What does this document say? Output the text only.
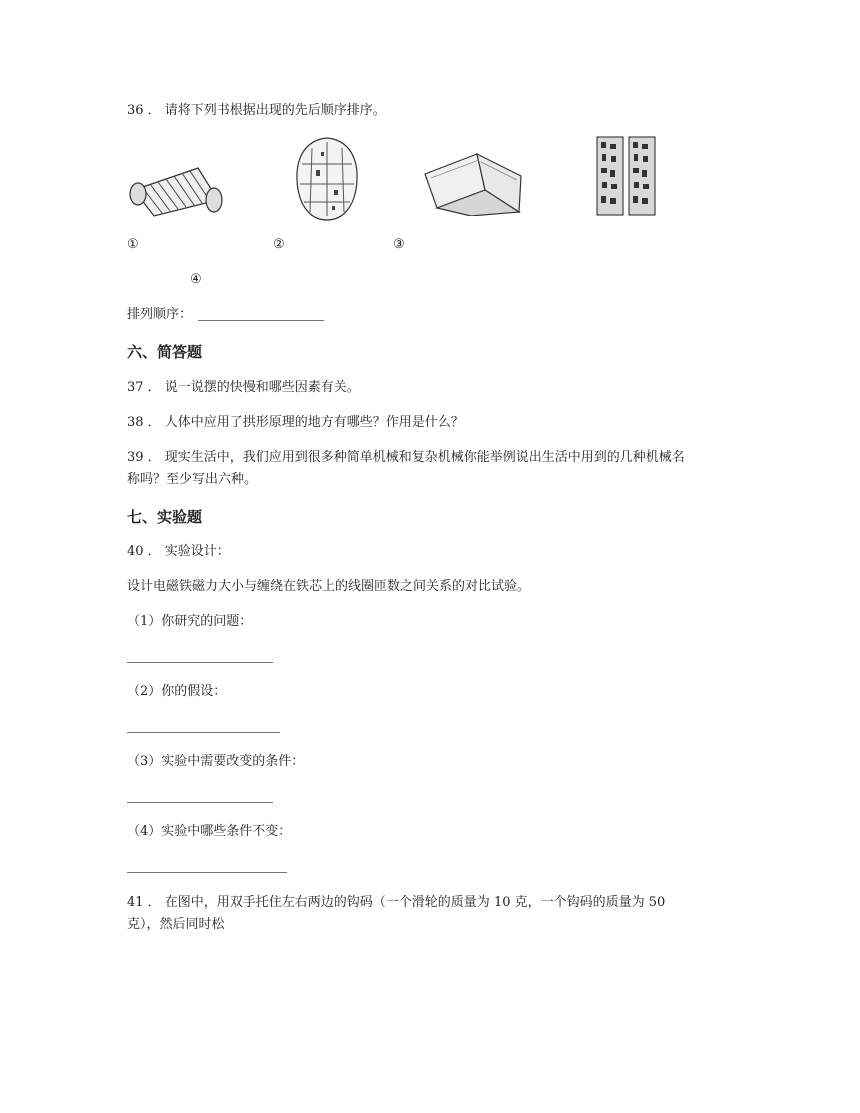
36 ． 请将下列书根据出现的先后顺序排序。
①	②	③
④
排列顺序：
六、简答题
37 ． 说一说摆的快慢和哪些因素有关。
38 ． 人体中应用了拱形原理的地方有哪些？作用是什么？
39 ． 现实生活中，我们应用到很多种简单机械和复杂机械你能举例说出生活中用到的几种机械名
称吗？至少写出六种。
七、实验题
40 ． 实验设计：
设计电磁铁磁力大小与缠绕在铁芯上的线圈匝数之间关系的对比试验。
（1）你研究的问题：
（2）你的假设：
（3）实验中需要改变的条件：
（4）实验中哪些条件不变：
41 ． 在图中，用双手托住左右两边的钩码（一个滑轮的质量为 10 克，一个钩码的质量为 50
克），然后同时松
